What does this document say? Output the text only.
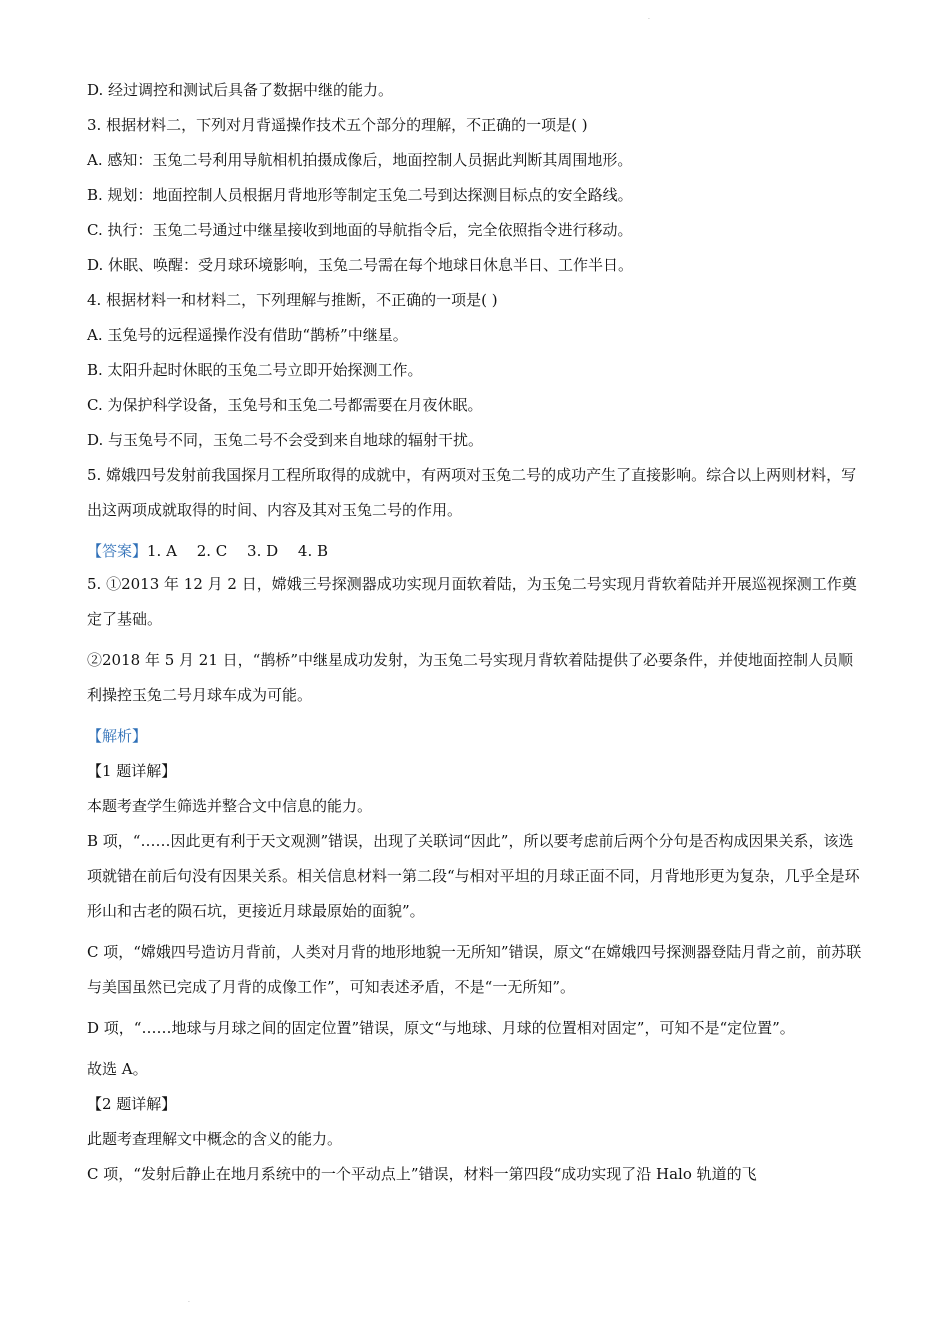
·
D. 经过调控和测试后具备了数据中继的能力。
3. 根据材料二，下列对月背遥操作技术五个部分的理解，不正确的一项是( )
A. 感知：玉兔二号利用导航相机拍摄成像后，地面控制人员据此判断其周围地形。
B. 规划：地面控制人员根据月背地形等制定玉兔二号到达探测目标点的安全路线。
C. 执行：玉兔二号通过中继星接收到地面的导航指令后，完全依照指令进行移动。
D. 休眠、唤醒：受月球环境影响，玉兔二号需在每个地球日休息半日、工作半日。
4. 根据材料一和材料二，下列理解与推断，不正确的一项是( )
A. 玉兔号的远程遥操作没有借助“鹊桥”中继星。
B. 太阳升起时休眠的玉兔二号立即开始探测工作。
C. 为保护科学设备，玉兔号和玉兔二号都需要在月夜休眠。
D. 与玉兔号不同，玉兔二号不会受到来自地球的辐射干扰。
5. 嫦娥四号发射前我国探月工程所取得的成就中，有两项对玉兔二号的成功产生了直接影响。综合以上两则材料，写出这两项成就取得的时间、内容及其对玉兔二号的作用。
【答案】1. A　 2. C　 3. D　 4. B
5. ①2013 年 12 月 2 日，嫦娥三号探测器成功实现月面软着陆，为玉兔二号实现月背软着陆并开展巡视探测工作奠定了基础。
②2018 年 5 月 21 日，“鹊桥”中继星成功发射，为玉兔二号实现月背软着陆提供了必要条件，并使地面控制人员顺利操控玉兔二号月球车成为可能。
【解析】
【1 题详解】
本题考查学生筛选并整合文中信息的能力。
B 项，“……因此更有利于天文观测”错误，出现了关联词“因此”，所以要考虑前后两个分句是否构成因果关系，该选项就错在前后句没有因果关系。相关信息材料一第二段“与相对平坦的月球正面不同，月背地形更为复杂，几乎全是环形山和古老的陨石坑，更接近月球最原始的面貌”。
C 项，“嫦娥四号造访月背前，人类对月背的地形地貌一无所知”错误，原文“在嫦娥四号探测器登陆月背之前，前苏联与美国虽然已完成了月背的成像工作”，可知表述矛盾，不是“一无所知”。
D 项，“……地球与月球之间的固定位置”错误，原文“与地球、月球的位置相对固定”，可知不是“定位置”。
故选 A。
【2 题详解】
此题考查理解文中概念的含义的能力。
C 项，“发射后静止在地月系统中的一个平动点上”错误，材料一第四段“成功实现了沿 Halo 轨道的飞
·
